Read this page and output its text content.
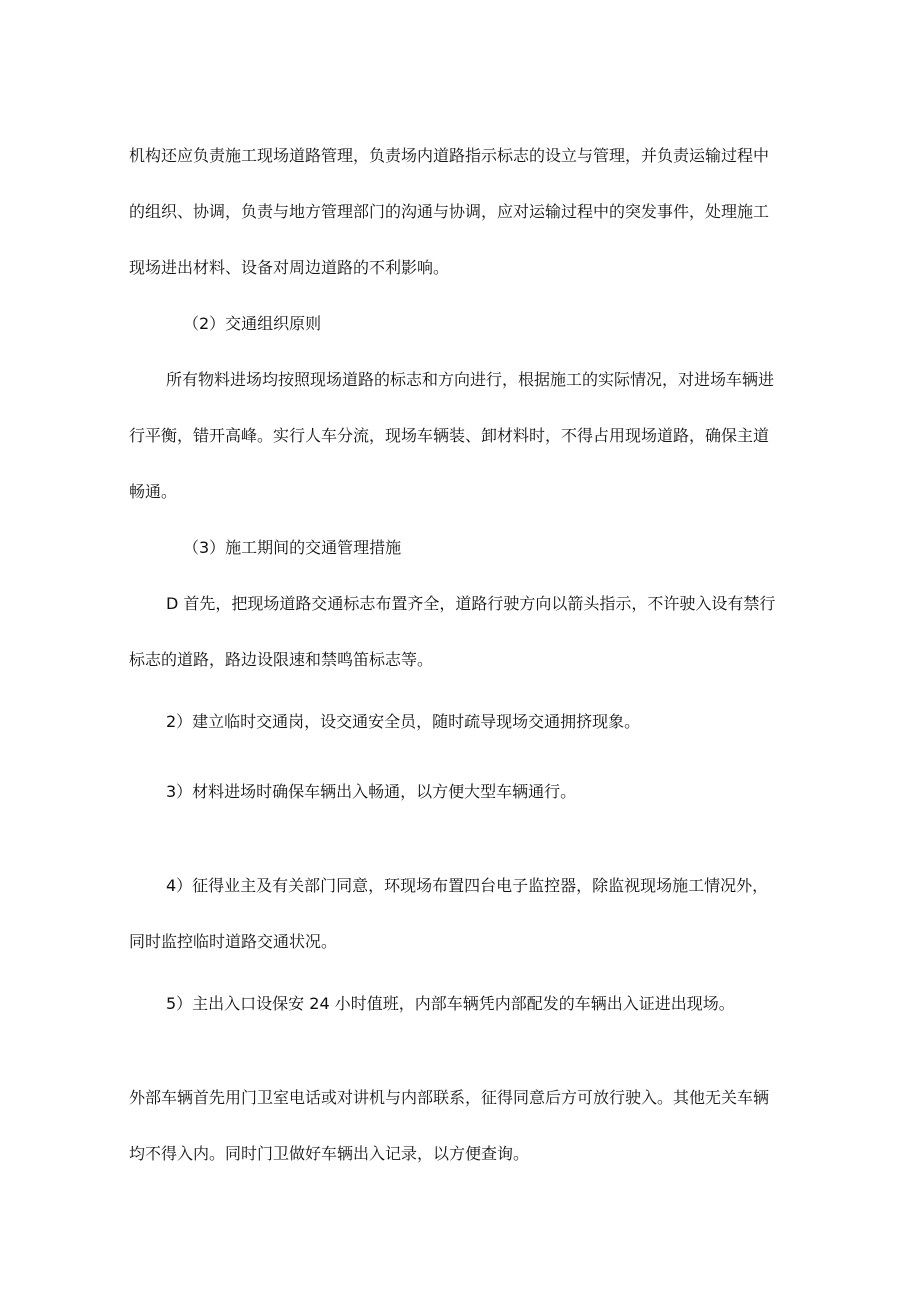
机构还应负责施工现场道路管理，负责场内道路指示标志的设立与管理，并负责运输过程中
的组织、协调，负责与地方管理部门的沟通与协调，应对运输过程中的突发事件，处理施工
现场进出材料、设备对周边道路的不利影响。
（2）交通组织原则
所有物料进场均按照现场道路的标志和方向进行，根据施工的实际情况，对进场车辆进
行平衡，错开高峰。实行人车分流，现场车辆装、卸材料时，不得占用现场道路，确保主道
畅通。
（3）施工期间的交通管理措施
D 首先，把现场道路交通标志布置齐全，道路行驶方向以箭头指示，不许驶入设有禁行
标志的道路，路边设限速和禁鸣笛标志等。
2）建立临时交通岗，设交通安全员，随时疏导现场交通拥挤现象。
3）材料进场时确保车辆出入畅通，以方便大型车辆通行。
4）征得业主及有关部门同意，环现场布置四台电子监控器，除监视现场施工情况外，
同时监控临时道路交通状况。
5）主出入口设保安 24 小时值班，内部车辆凭内部配发的车辆出入证进出现场。
外部车辆首先用门卫室电话或对讲机与内部联系，征得同意后方可放行驶入。其他无关车辆
均不得入内。同时门卫做好车辆出入记录，以方便查询。
